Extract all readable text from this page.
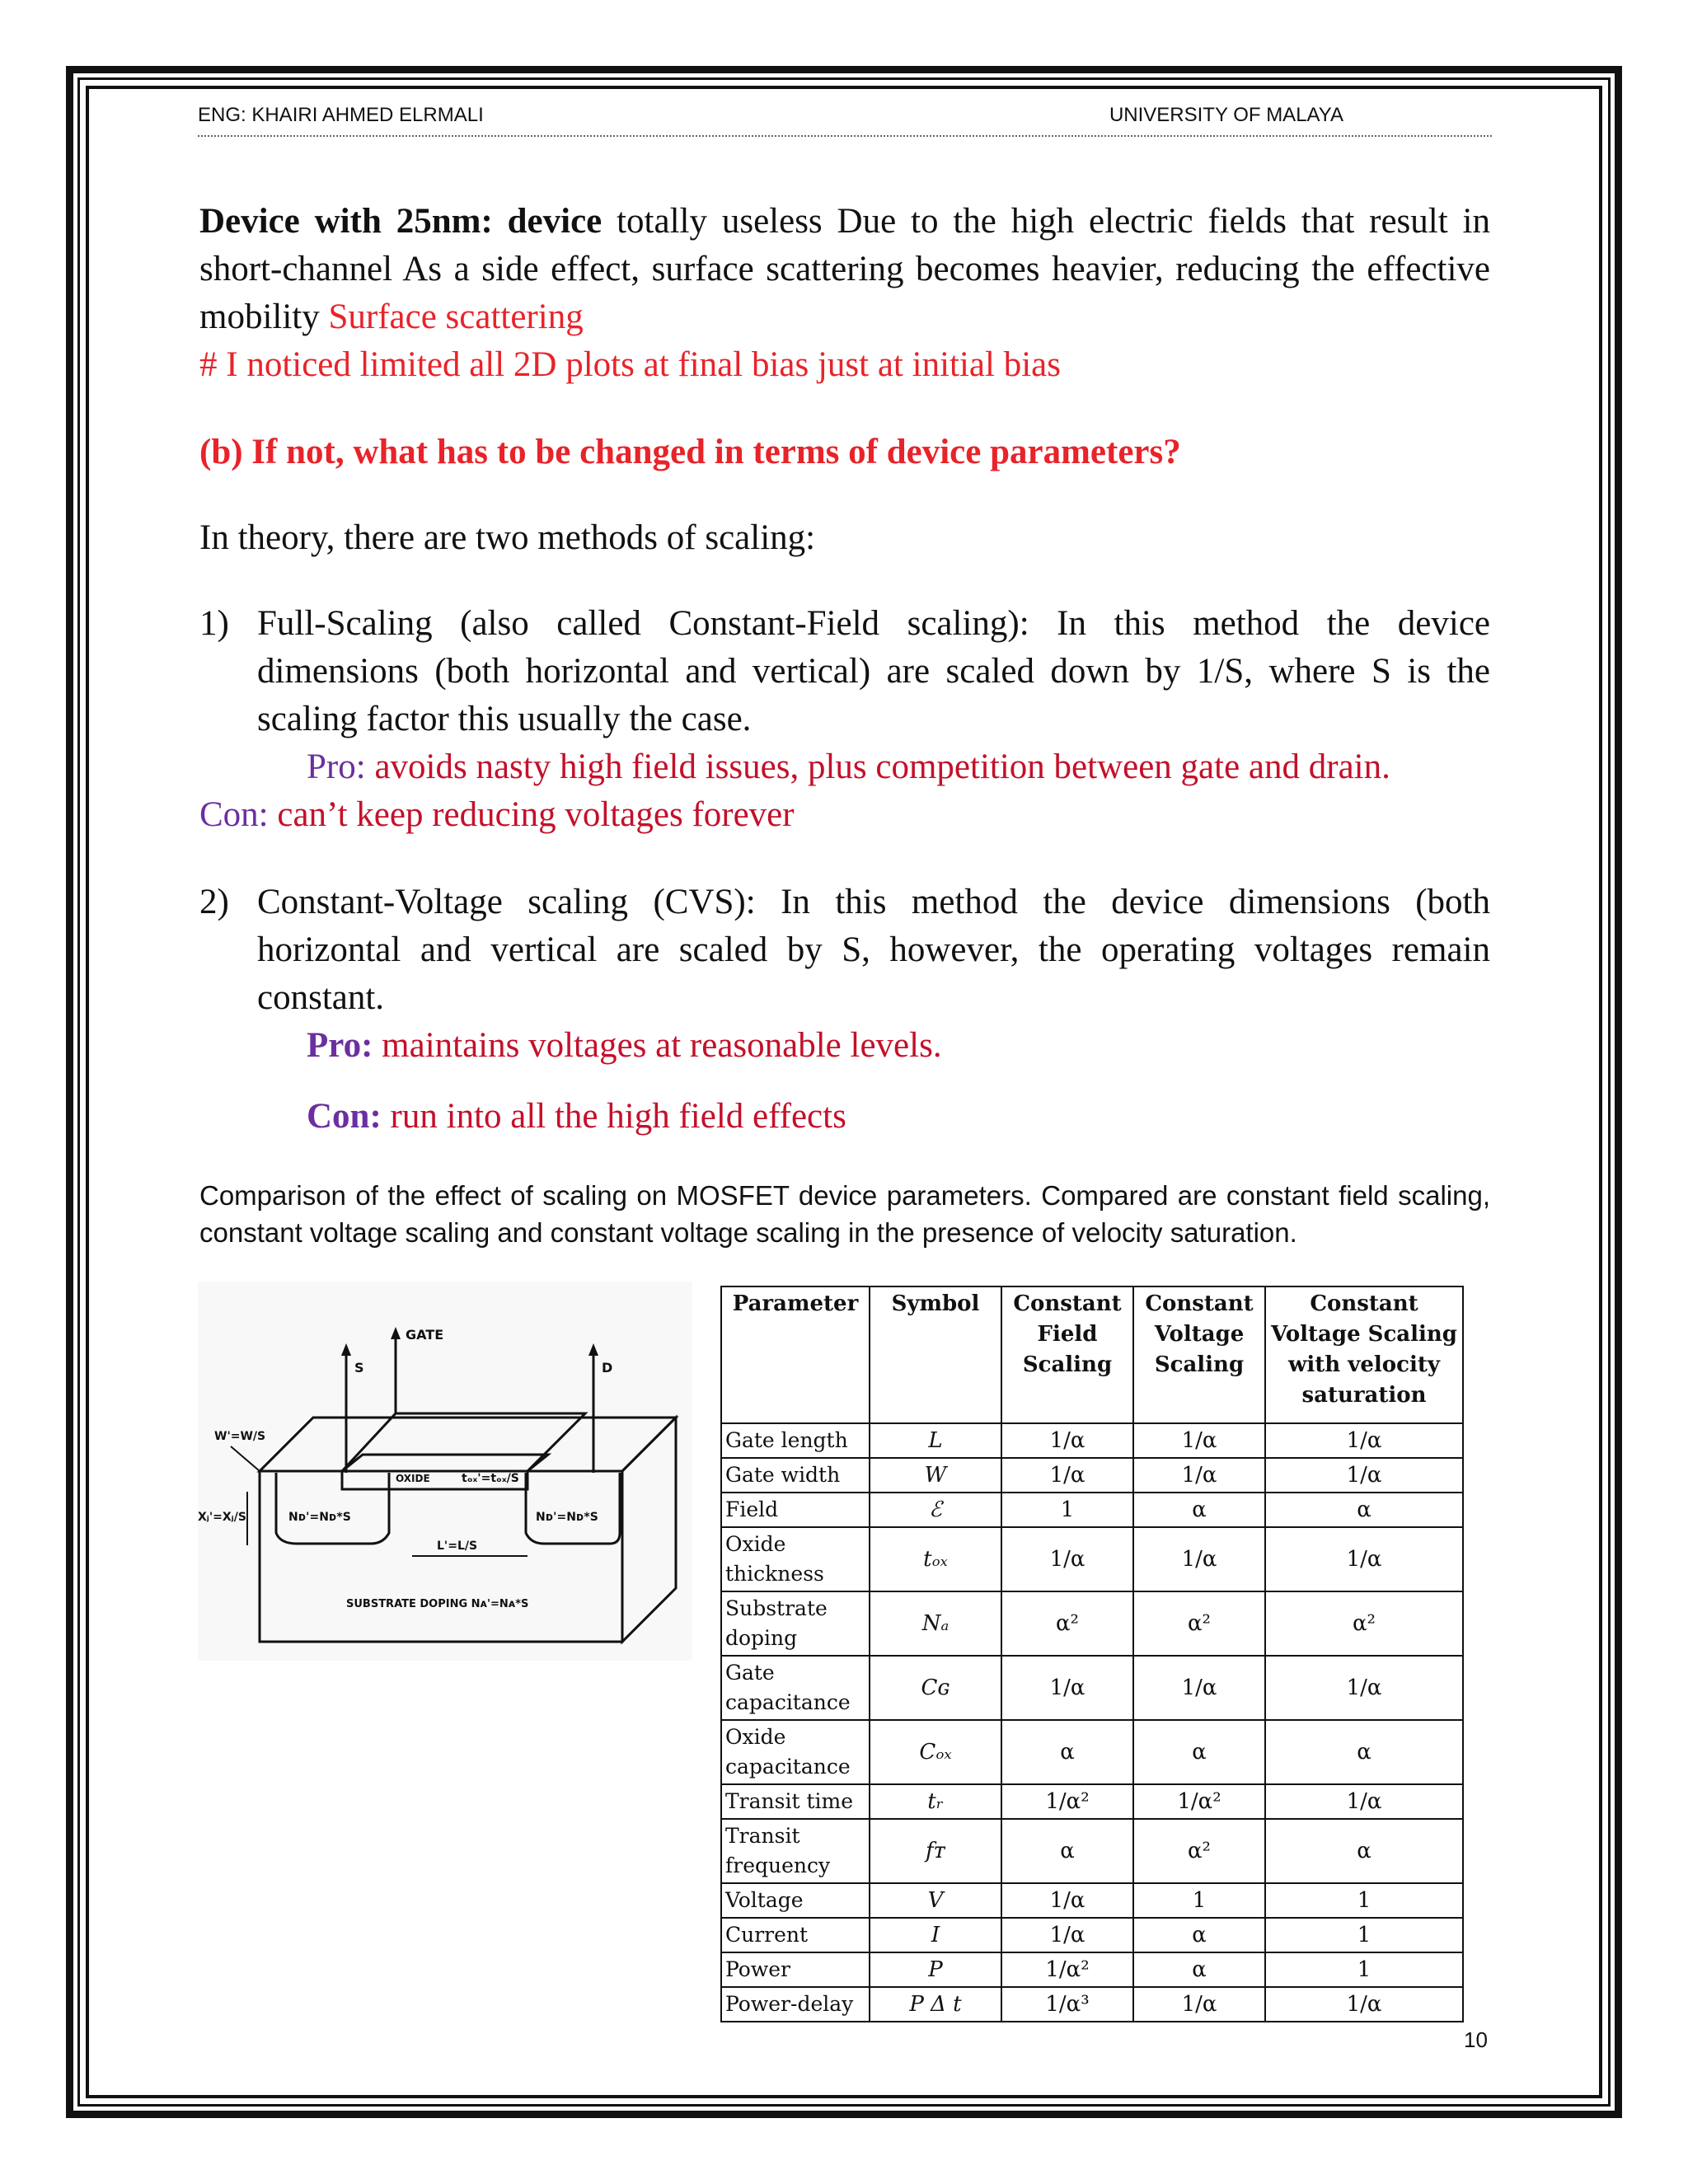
ENG: KHAIRI AHMED ELRMALI	UNIVERSITY OF MALAYA
Device with 25nm: device totally useless Due to the high electric fields that result in short-channel As a side effect, surface scattering becomes heavier, reducing the effective mobility Surface scattering
# I noticed limited all 2D plots at final bias just at initial bias
(b) If not, what has to be changed in terms of device parameters?
In theory, there are two methods of scaling:
1) Full-Scaling (also called Constant-Field scaling): In this method the device dimensions (both horizontal and vertical) are scaled down by 1/S, where S is the scaling factor this usually the case.
Pro: avoids nasty high field issues, plus competition between gate and drain.
Con: can’t keep reducing voltages forever
2) Constant-Voltage scaling (CVS): In this method the device dimensions (both horizontal and vertical are scaled by S, however, the operating voltages remain constant.
Pro: maintains voltages at reasonable levels.
Con: run into all the high field effects
Comparison of the effect of scaling on MOSFET device parameters. Compared are constant field scaling, constant voltage scaling and constant voltage scaling in the presence of velocity saturation.
GATE
S	D
W'=W/S
OXIDE	tₒₓ'=tₒₓ/S
Xⱼ'=Xⱼ/S	Nᴅ'=Nᴅ*S	Nᴅ'=Nᴅ*S
L'=L/S
SUBSTRATE DOPING Nᴀ'=Nᴀ*S
Parameter	Symbol	Constant Field Scaling	Constant Voltage Scaling	Constant Voltage Scaling with velocity saturation
Gate length	L	1/α	1/α	1/α
Gate width	W	1/α	1/α	1/α
Field	ℰ	1	α	α
Oxide thickness	tₒₓ	1/α	1/α	1/α
Substrate doping	Nₐ	α²	α²	α²
Gate capacitance	Cɢ	1/α	1/α	1/α
Oxide capacitance	Cₒₓ	α	α	α
Transit time	tᵣ	1/α²	1/α²	1/α
Transit frequency	fᴛ	α	α²	α
Voltage	V	1/α	1	1
Current	I	1/α	α	1
Power	P	1/α²	α	1
Power-delay	P Δ t	1/α³	1/α	1/α
10
